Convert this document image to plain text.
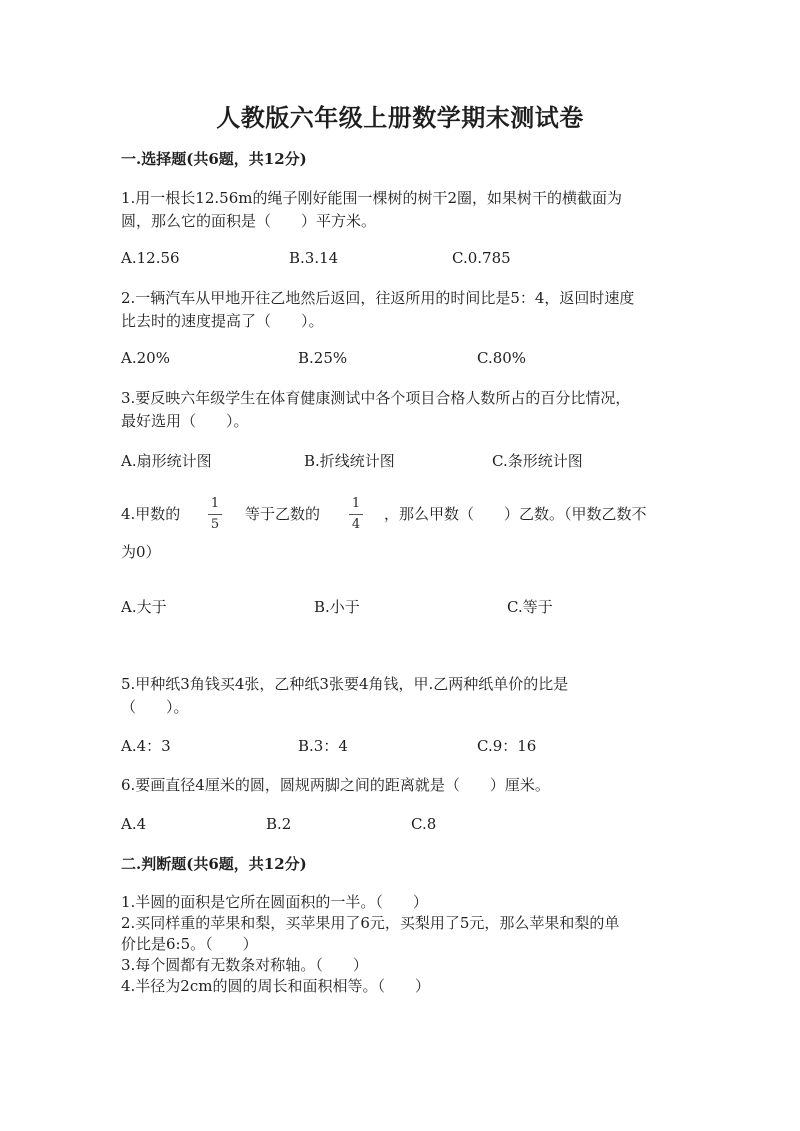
人教版六年级上册数学期末测试卷
一.选择题(共6题，共12分)
1.用一根长12.56m的绳子刚好能围一棵树的树干2圈，如果树干的横截面为
圆，那么它的面积是（　　）平方米。
A.12.56	B.3.14	C.0.785
2.一辆汽车从甲地开往乙地然后返回，往返所用的时间比是5：4，返回时速度
比去时的速度提高了（　　）。
A.20%	B.25%	C.80%
3.要反映六年级学生在体育健康测试中各个项目合格人数所占的百分比情况，
最好选用（　　）。
A.扇形统计图	B.折线统计图	C.条形统计图
4.甲数的
1
5
等于乙数的
1
4
，那么甲数（　　）乙数。（甲数乙数不
为0）
A.大于	B.小于	C.等于
5.甲种纸3角钱买4张，乙种纸3张要4角钱，甲.乙两种纸单价的比是
（　　）。
A.4：3	B.3：4	C.9：16
6.要画直径4厘米的圆，圆规两脚之间的距离就是（　　）厘米。
A.4	B.2	C.8
二.判断题(共6题，共12分)
1.半圆的面积是它所在圆面积的一半。（　　）
2.买同样重的苹果和梨，买苹果用了6元，买梨用了5元，那么苹果和梨的单
价比是6:5。（　　）
3.每个圆都有无数条对称轴。（　　）
4.半径为2cm的圆的周长和面积相等。（　　）
